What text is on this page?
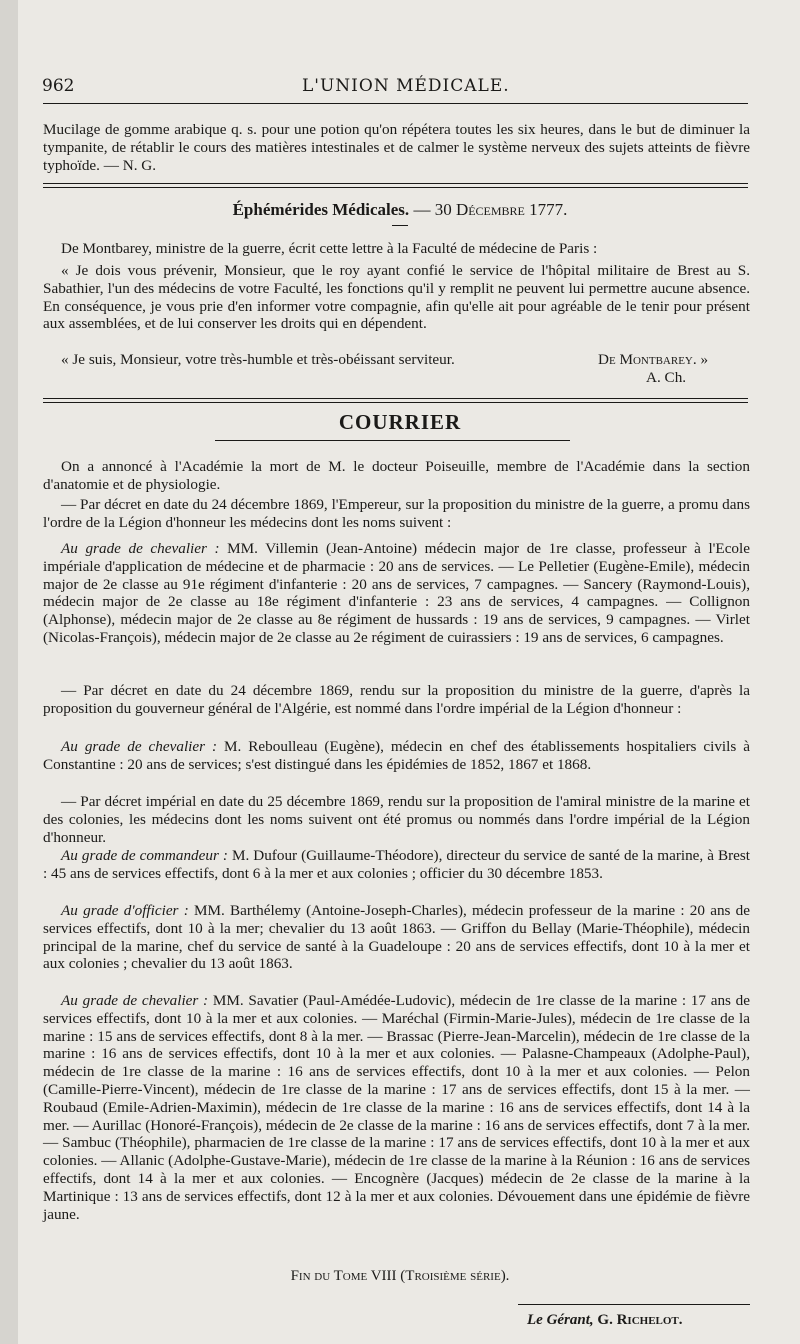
962	L'UNION MÉDICALE.
Mucilage de gomme arabique q. s. pour une potion qu'on répétera toutes les six heures, dans le but de diminuer la tympanite, de rétablir le cours des matières intestinales et de calmer le système nerveux des sujets atteints de fièvre typhoïde. — N. G.
Éphémérides Médicales. — 30 Décembre 1777.
De Montbarey, ministre de la guerre, écrit cette lettre à la Faculté de médecine de Paris :
« Je dois vous prévenir, Monsieur, que le roy ayant confié le service de l'hôpital militaire de Brest au S. Sabathier, l'un des médecins de votre Faculté, les fonctions qu'il y remplit ne peuvent lui permettre aucune absence. En conséquence, je vous prie d'en informer votre compagnie, afin qu'elle ait pour agréable de le tenir pour présent aux assemblées, et de lui conserver les droits qui en dépendent.
« Je suis, Monsieur, votre très-humble et très-obéissant serviteur.	De Montbarey. »
A. Ch.
COURRIER
On a annoncé à l'Académie la mort de M. le docteur Poiseuille, membre de l'Académie dans la section d'anatomie et de physiologie.
— Par décret en date du 24 décembre 1869, l'Empereur, sur la proposition du ministre de la guerre, a promu dans l'ordre de la Légion d'honneur les médecins dont les noms suivent :
Au grade de chevalier : MM. Villemin (Jean-Antoine) médecin major de 1re classe, professeur à l'Ecole impériale d'application de médecine et de pharmacie : 20 ans de services. — Le Pelletier (Eugène-Emile), médecin major de 2e classe au 91e régiment d'infanterie : 20 ans de services, 7 campagnes. — Sancery (Raymond-Louis), médecin major de 2e classe au 18e régiment d'infanterie : 23 ans de services, 4 campagnes. — Collignon (Alphonse), médecin major de 2e classe au 8e régiment de hussards : 19 ans de services, 9 campagnes. — Virlet (Nicolas-François), médecin major de 2e classe au 2e régiment de cuirassiers : 19 ans de services, 6 campagnes.
— Par décret en date du 24 décembre 1869, rendu sur la proposition du ministre de la guerre, d'après la proposition du gouverneur général de l'Algérie, est nommé dans l'ordre impérial de la Légion d'honneur :
Au grade de chevalier : M. Reboulleau (Eugène), médecin en chef des établissements hospitaliers civils à Constantine : 20 ans de services; s'est distingué dans les épidémies de 1852, 1867 et 1868.
— Par décret impérial en date du 25 décembre 1869, rendu sur la proposition de l'amiral ministre de la marine et des colonies, les médecins dont les noms suivent ont été promus ou nommés dans l'ordre impérial de la Légion d'honneur.
Au grade de commandeur : M. Dufour (Guillaume-Théodore), directeur du service de santé de la marine, à Brest : 45 ans de services effectifs, dont 6 à la mer et aux colonies ; officier du 30 décembre 1853.
Au grade d'officier : MM. Barthélemy (Antoine-Joseph-Charles), médecin professeur de la marine : 20 ans de services effectifs, dont 10 à la mer; chevalier du 13 août 1863. — Griffon du Bellay (Marie-Théophile), médecin principal de la marine, chef du service de santé à la Guadeloupe : 20 ans de services effectifs, dont 10 à la mer et aux colonies ; chevalier du 13 août 1863.
Au grade de chevalier : MM. Savatier (Paul-Amédée-Ludovic), médecin de 1re classe de la marine : 17 ans de services effectifs, dont 10 à la mer et aux colonies. — Maréchal (Firmin-Marie-Jules), médecin de 1re classe de la marine : 15 ans de services effectifs, dont 8 à la mer. — Brassac (Pierre-Jean-Marcelin), médecin de 1re classe de la marine : 16 ans de services effectifs, dont 10 à la mer et aux colonies. — Palasne-Champeaux (Adolphe-Paul), médecin de 1re classe de la marine : 16 ans de services effectifs, dont 10 à la mer et aux colonies. — Pelon (Camille-Pierre-Vincent), médecin de 1re classe de la marine : 17 ans de services effectifs, dont 15 à la mer. — Roubaud (Emile-Adrien-Maximin), médecin de 1re classe de la marine : 16 ans de services effectifs, dont 14 à la mer. — Aurillac (Honoré-François), médecin de 2e classe de la marine : 16 ans de services effectifs, dont 7 à la mer. — Sambuc (Théophile), pharmacien de 1re classe de la marine : 17 ans de services effectifs, dont 10 à la mer et aux colonies. — Allanic (Adolphe-Gustave-Marie), médecin de 1re classe de la marine à la Réunion : 16 ans de services effectifs, dont 14 à la mer et aux colonies. — Encognère (Jacques) médecin de 2e classe de la marine à la Martinique : 13 ans de services effectifs, dont 12 à la mer et aux colonies. Dévouement dans une épidémie de fièvre jaune.
Fin du Tome VIII (Troisième série).
Le Gérant, G. Richelot.
